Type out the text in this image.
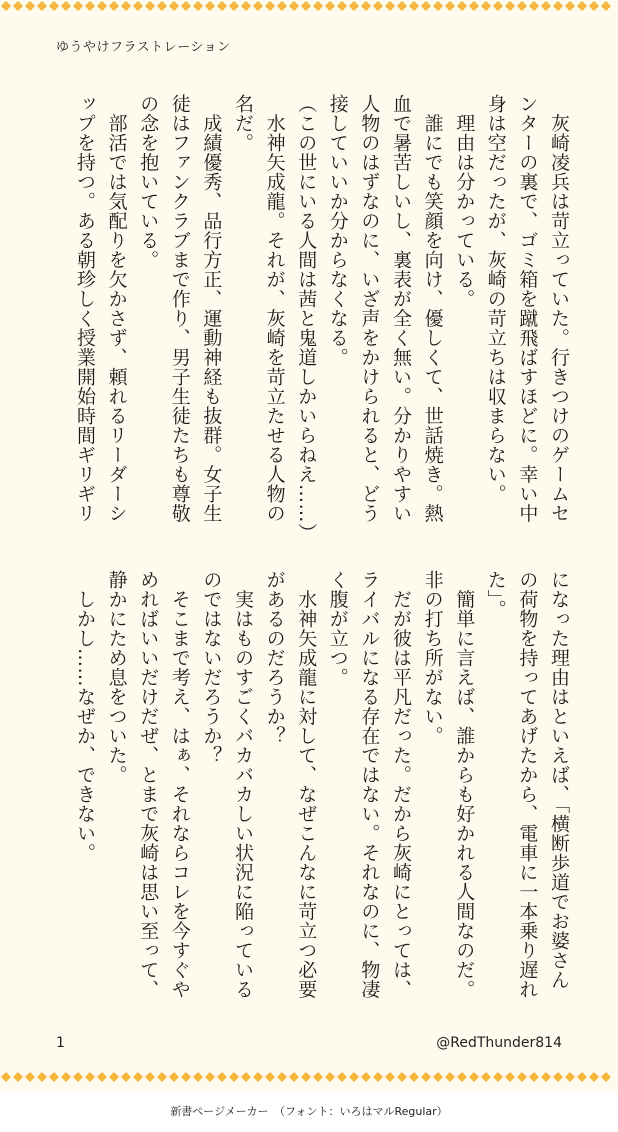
ゆうやけフラストレーション
　灰崎凌兵は苛立っていた。行きつけのゲームセ
ンターの裏で、ゴミ箱を蹴飛ばすほどに。幸い中
身は空だったが、灰崎の苛立ちは収まらない。
　理由は分かっている。
　誰にでも笑顔を向け、優しくて、世話焼き。熱
血で暑苦しいし、裏表が全く無い。分かりやすい
人物のはずなのに、いざ声をかけられると、どう
接していいか分からなくなる。
（この世にいる人間は茜と鬼道しかいらねえ……）
　水神矢成龍。それが、灰崎を苛立たせる人物の
名だ。
　成績優秀、品行方正、運動神経も抜群。女子生
徒はファンクラブまで作り、男子生徒たちも尊敬
の念を抱いている。
　部活では気配りを欠かさず、頼れるリーダーシ
ップを持つ。ある朝珍しく授業開始時間ギリギリ
になった理由はといえば、「横断歩道でお婆さん
の荷物を持ってあげたから、電車に一本乗り遅れ
た」。
　簡単に言えば、誰からも好かれる人間なのだ。
非の打ち所がない。
　だが彼は平凡だった。だから灰崎にとっては、
ライバルになる存在ではない。それなのに、物凄
く腹が立つ。
　水神矢成龍に対して、なぜこんなに苛立つ必要
があるのだろうか？
　実はものすごくバカバカしい状況に陥っている
のではないだろうか？
　そこまで考え、はぁ、それならコレを今すぐや
めればいいだけだぜ、とまで灰崎は思い至って、
静かにため息をついた。
　しかし……なぜか、できない。
1	@RedThunder814
新書ページメーカー　（フォント：いろはマルRegular）
